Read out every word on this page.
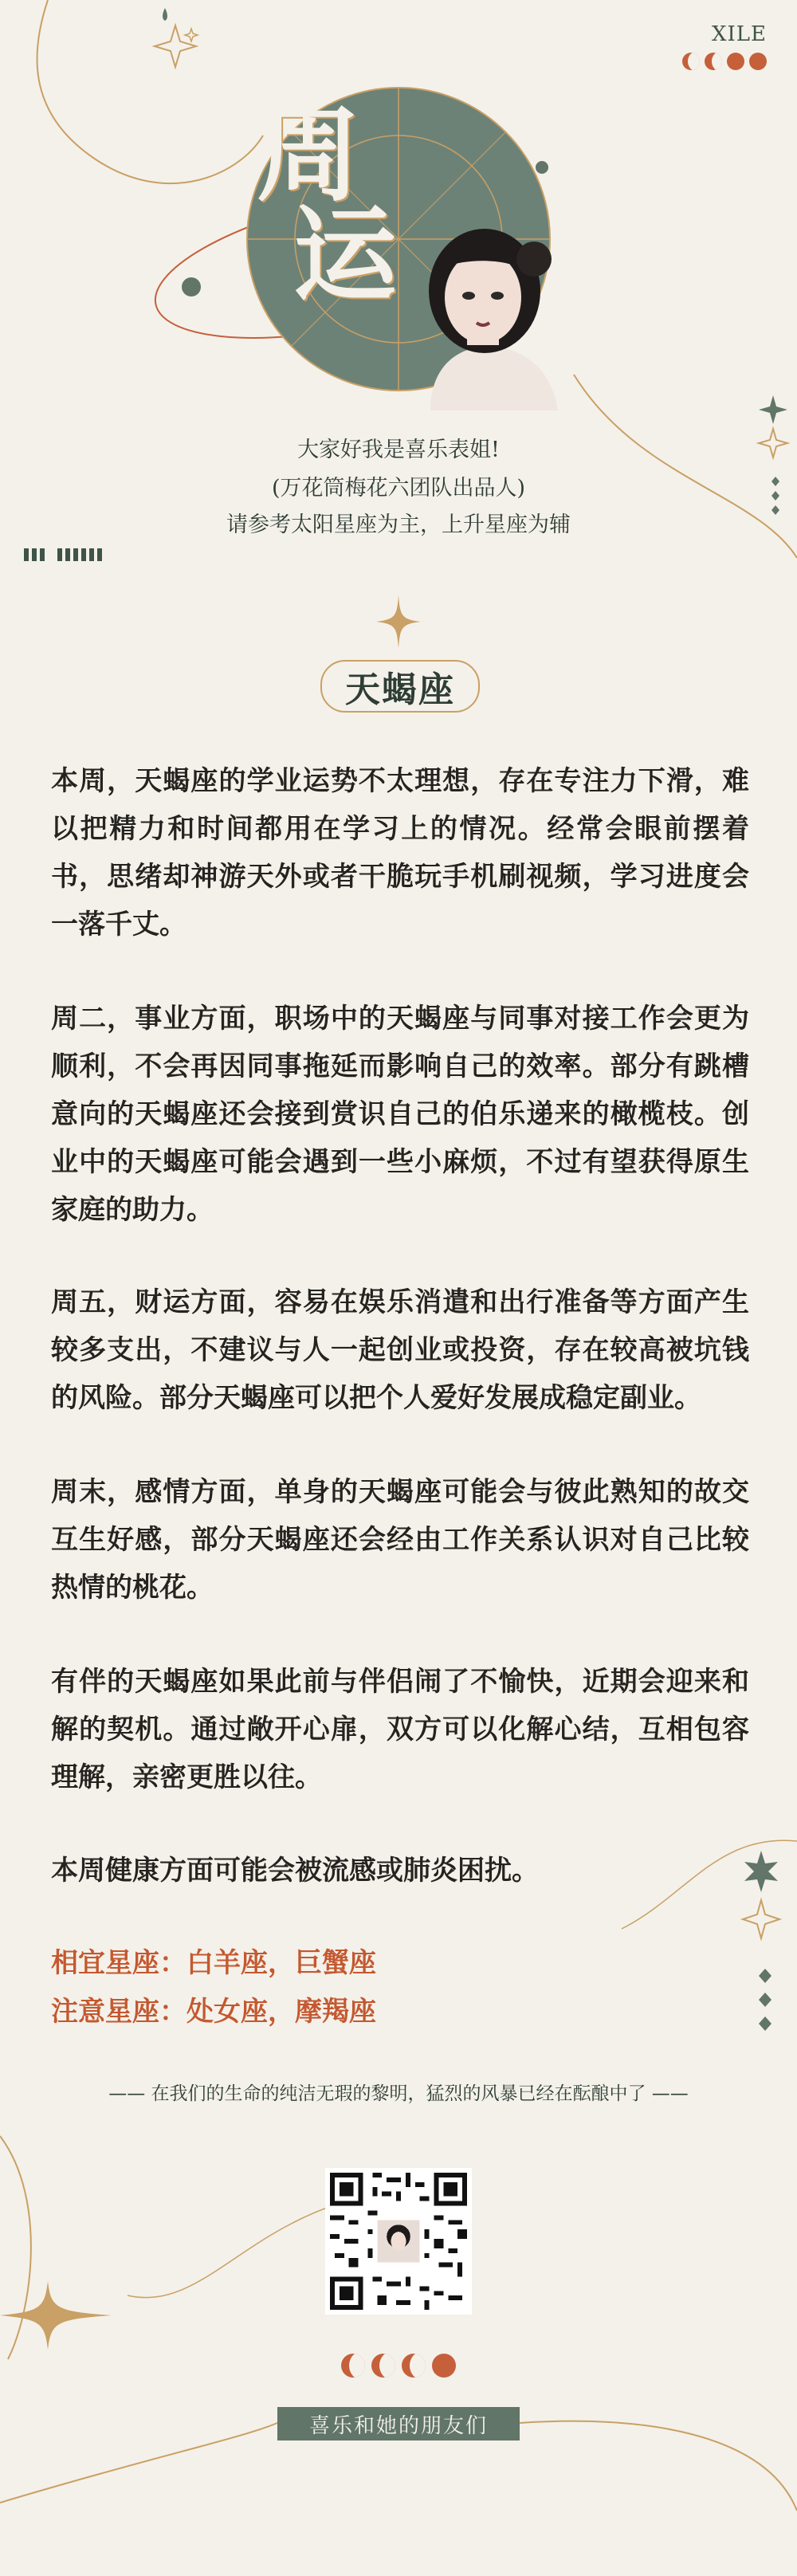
XILE
周
运
大家好我是喜乐表姐!
(万花筒梅花六团队出品人)
请参考太阳星座为主，上升星座为辅
天蝎座
本周，天蝎座的学业运势不太理想，存在专注力下滑，难以把精力和时间都用在学习上的情况。经常会眼前摆着书，思绪却神游天外或者干脆玩手机刷视频，学习进度会一落千丈。
周二，事业方面，职场中的天蝎座与同事对接工作会更为顺利，不会再因同事拖延而影响自己的效率。部分有跳槽意向的天蝎座还会接到赏识自己的伯乐递来的橄榄枝。创业中的天蝎座可能会遇到一些小麻烦，不过有望获得原生家庭的助力。
周五，财运方面，容易在娱乐消遣和出行准备等方面产生较多支出，不建议与人一起创业或投资，存在较高被坑钱的风险。部分天蝎座可以把个人爱好发展成稳定副业。
周末，感情方面，单身的天蝎座可能会与彼此熟知的故交互生好感，部分天蝎座还会经由工作关系认识对自己比较热情的桃花。
有伴的天蝎座如果此前与伴侣闹了不愉快，近期会迎来和解的契机。通过敞开心扉，双方可以化解心结，互相包容理解，亲密更胜以往。
本周健康方面可能会被流感或肺炎困扰。
相宜星座：白羊座，巨蟹座
注意星座：处女座，摩羯座
—— 在我们的生命的纯洁无瑕的黎明，猛烈的风暴已经在酝酿中了 ——
喜乐和她的朋友们
